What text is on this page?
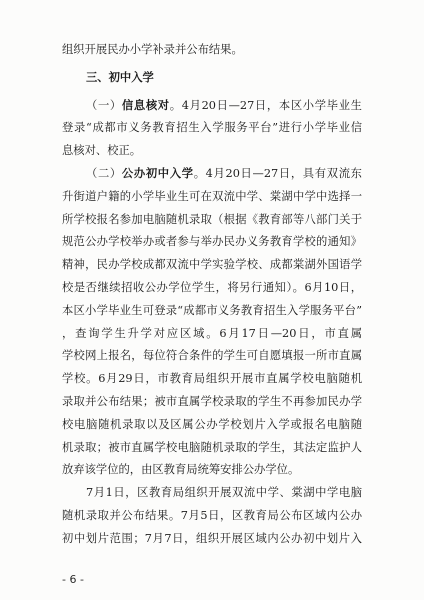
组织开展民办小学补录并公布结果。
三、初中入学
（一）信息核对。4月20日—27日，本区小学毕业生
登录“成都市义务教育招生入学服务平台”进行小学毕业信
息核对、校正。
（二）公办初中入学。4月20日—27日，具有双流东
升街道户籍的小学毕业生可在双流中学、棠湖中学中选择一
所学校报名参加电脑随机录取（根据《教育部等八部门关于
规范公办学校举办或者参与举办民办义务教育学校的通知》
精神，民办学校成都双流中学实验学校、成都棠湖外国语学
校是否继续招收公办学位学生，将另行通知）。6月10日，
本区小学毕业生可登录“成都市义务教育招生入学服务平台”
，查询学生升学对应区域。6月17日—20日，市直属
学校网上报名，每位符合条件的学生可自愿填报一所市直属
学校。6月29日，市教育局组织开展市直属学校电脑随机
录取并公布结果；被市直属学校录取的学生不再参加民办学
校电脑随机录取以及区属公办学校划片入学或报名电脑随
机录取；被市直属学校电脑随机录取的学生，其法定监护人
放弃该学位的，由区教育局统筹安排公办学位。
7月1日，区教育局组织开展双流中学、棠湖中学电脑
随机录取并公布结果。7月5日，区教育局公布区域内公办
初中划片范围；7月7日，组织开展区域内公办初中划片入
- 6 -
